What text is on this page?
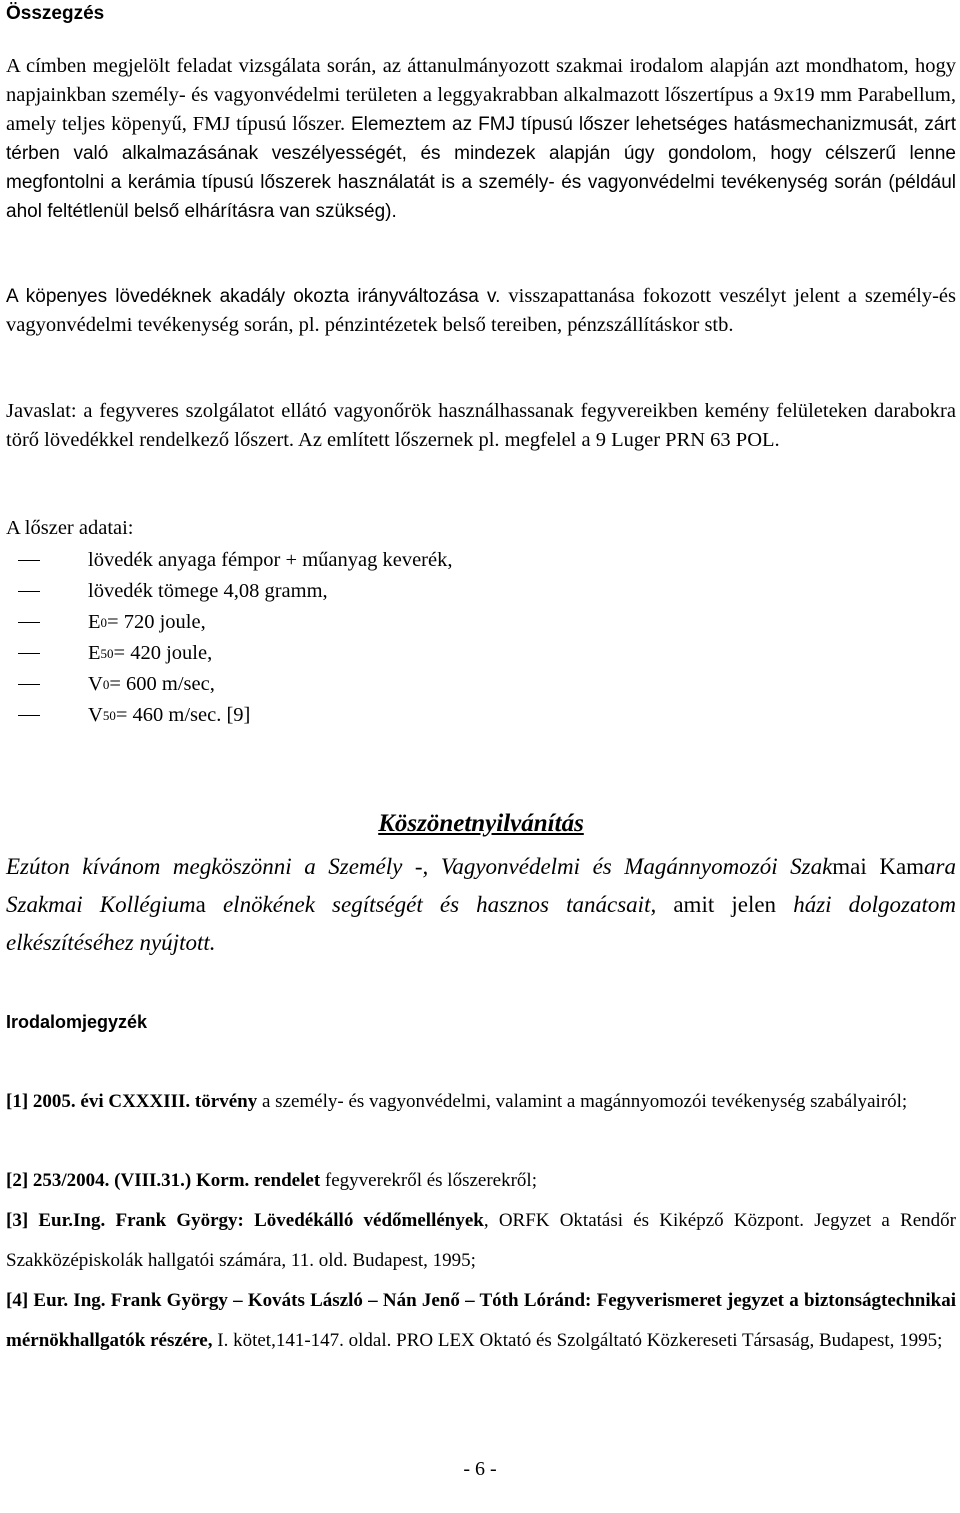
Összegzés

A címben megjelölt feladat vizsgálata során, az áttanulmányozott szakmai irodalom alapján azt mondhatom, hogy napjainkban személy- és vagyonvédelmi területen a leggyakrabban alkalmazott lőszertípus a 9x19 mm Parabellum, amely teljes köpenyű, FMJ típusú lőszer. Elemeztem az FMJ típusú lőszer lehetséges hatásmechanizmusát, zárt térben való alkalmazásának veszélyességét, és mindezek alapján úgy gondolom, hogy célszerű lenne megfontolni a kerámia típusú lőszerek használatát is a személy- és vagyonvédelmi tevékenység során (például ahol feltétlenül belső elhárításra van szükség).

A köpenyes lövedéknek akadály okozta irányváltozása v. visszapattanása fokozott veszélyt jelent a személy-és vagyonvédelmi tevékenység során, pl. pénzintézetek belső tereiben, pénzszállításkor stb.

Javaslat: a fegyveres szolgálatot ellátó vagyonőrök használhassanak fegyvereikben kemény felületeken darabokra törő lövedékkel rendelkező lőszert. Az említett lőszernek pl. megfelel a 9 Luger PRN 63 POL.

A lőszer adatai:
lövedék anyaga fémpor + műanyag keverék,
lövedék tömege 4,08 gramm,
E 0 = 720 joule,
E 50 = 420 joule,
V 0 = 600 m/sec,
V 50 = 460 m/sec. [9]
Köszönetnyilvánítás
Ezúton kívánom megköszönni a Személy -, Vagyonvédelmi és Magánnyomozói Szakmai Kamara Szakmai Kollégiuma elnökének segítségét és hasznos tanácsait, amit jelen házi dolgozatom elkészítéséhez nyújtott.
Irodalomjegyzék
[1] 2005. évi CXXXIII. törvény a személy- és vagyonvédelmi, valamint a magánnyomozói tevékenység szabályairól;
[2] 253/2004. (VIII.31.) Korm. rendelet fegyverekről és lőszerekről;
[3] Eur.Ing. Frank György: Lövedékálló védőmellények, ORFK Oktatási és Kiképző Központ. Jegyzet a Rendőr Szakközépiskolák hallgatói számára, 11. old. Budapest, 1995;
[4] Eur. Ing. Frank György – Kováts László – Nán Jenő – Tóth Lóránd: Fegyverismeret jegyzet a biztonságtechnikai mérnökhallgatók részére, I. kötet,141-147. oldal. PRO LEX Oktató és Szolgáltató Közkereseti Társaság, Budapest, 1995;
- 6 -
